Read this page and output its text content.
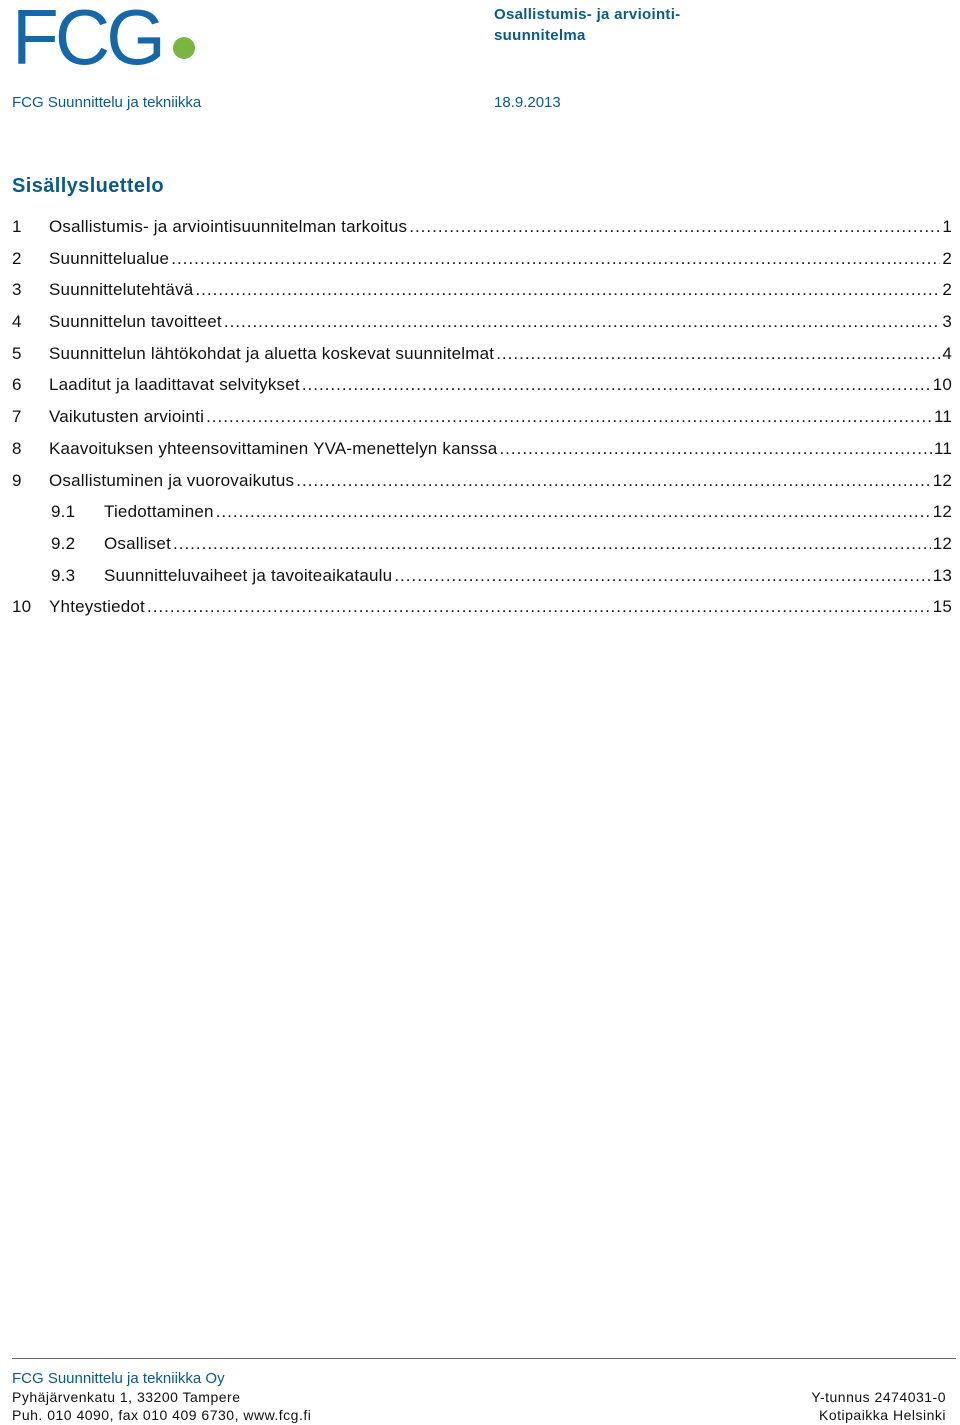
FCG	Osallistumis- ja arviointi-suunnitelma
FCG Suunnittelu ja tekniikka	18.9.2013
Sisällysluettelo
1	Osallistumis- ja arviointisuunnitelman tarkoitus .....	1
2	Suunnittelualue .....	2
3	Suunnittelutehtävä .....	2
4	Suunnittelun tavoitteet .....	3
5	Suunnittelun lähtökohdat ja aluetta koskevat suunnitelmat .....	4
6	Laaditut ja laadittavat selvitykset .....	10
7	Vaikutusten arviointi .....	11
8	Kaavoituksen yhteensovittaminen YVA-menettelyn kanssa .....	11
9	Osallistuminen ja vuorovaikutus .....	12
9.1	Tiedottaminen .....	12
9.2	Osalliset .....	12
9.3	Suunnitteluvaiheet ja tavoiteaikataulu .....	13
10	Yhteystiedot .....	15
FCG Suunnittelu ja tekniikka Oy
Pyhäjärvenkatu 1, 33200 Tampere	Y-tunnus 2474031-0
Puh. 010 4090, fax 010 409 6730, www.fcg.fi	Kotipaikka Helsinki
